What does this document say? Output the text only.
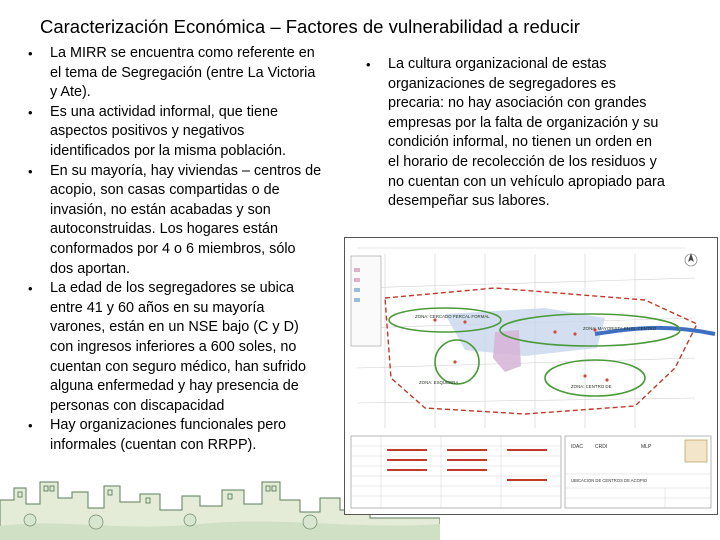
Caracterización Económica – Factores de vulnerabilidad a reducir
• La MIRR se encuentra como referente en el tema de Segregación (entre La Victoria y Ate).
• Es una actividad informal, que tiene aspectos positivos y negativos identificados por la misma población.
• En su mayoría, hay viviendas – centros de acopio, son casas compartidas o de invasión, no están acabadas y son autoconstruidas. Los hogares están conformados por 4 o 6 miembros, sólo dos aportan.
• La edad de los segregadores se ubica entre 41 y 60 años en su mayoría varones, están en un NSE bajo (C y D) con ingresos inferiores a 600 soles, no cuentan con seguro médico, han sufrido alguna enfermedad y hay presencia de personas con discapacidad
• Hay organizaciones funcionales pero informales (cuentan con RRPP).
• La cultura organizacional de estas organizaciones de segregadores es precaria: no hay asociación con grandes empresas por la falta de organización y su condición informal, no tienen un orden en el horario de recolección de los residuos y no cuentan con un vehículo apropiado para desempeñar sus labores.
ZONA: CERCADO PERCAL FORMAL
ZONA: MAYORISTA EN EL CENTRO
ZONA: ESQUERRA
ZONA: CENTRO DE
IDAC CRDI	MLP
UBICACION DE CENTROS DE ACOPIO
